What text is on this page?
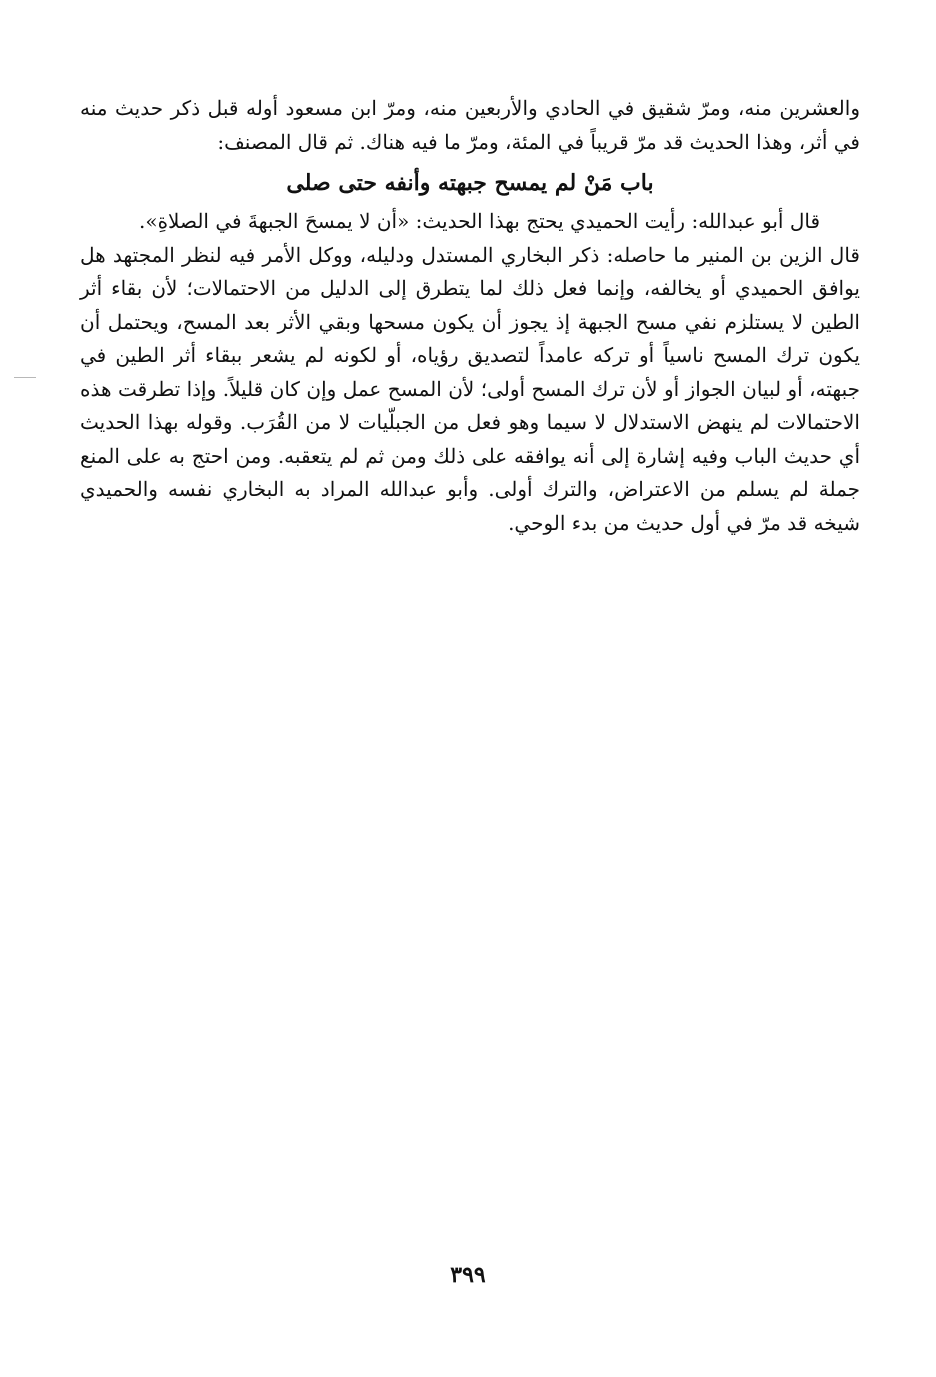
والعشرين منه، ومرّ شقيق في الحادي والأربعين منه، ومرّ ابن مسعود أوله قبل ذكر حديث منه في أثر، وهذا الحديث قد مرّ قريباً في المئة، ومرّ ما فيه هناك. ثم قال المصنف:

باب مَنْ لم يمسح جبهته وأنفه حتى صلى

قال أبو عبدالله: رأيت الحميدي يحتج بهذا الحديث: «أن لا يمسحَ الجبهةَ في الصلاةِ».

قال الزين بن المنير ما حاصله: ذكر البخاري المستدل ودليله، ووكل الأمر فيه لنظر المجتهد هل يوافق الحميدي أو يخالفه، وإنما فعل ذلك لما يتطرق إلى الدليل من الاحتمالات؛ لأن بقاء أثر الطين لا يستلزم نفي مسح الجبهة إذ يجوز أن يكون مسحها وبقي الأثر بعد المسح، ويحتمل أن يكون ترك المسح ناسياً أو تركه عامداً لتصديق رؤياه، أو لكونه لم يشعر ببقاء أثر الطين في جبهته، أو لبيان الجواز أو لأن ترك المسح أولى؛ لأن المسح عمل وإن كان قليلاً. وإذا تطرقت هذه الاحتمالات لم ينهض الاستدلال لا سيما وهو فعل من الجبلّيات لا من القُرَب. وقوله بهذا الحديث أي حديث الباب وفيه إشارة إلى أنه يوافقه على ذلك ومن ثم لم يتعقبه. ومن احتج به على المنع جملة لم يسلم من الاعتراض، والترك أولى. وأبو عبدالله المراد به البخاري نفسه والحميدي شيخه قد مرّ في أول حديث من بدء الوحي.

٣٩٩
